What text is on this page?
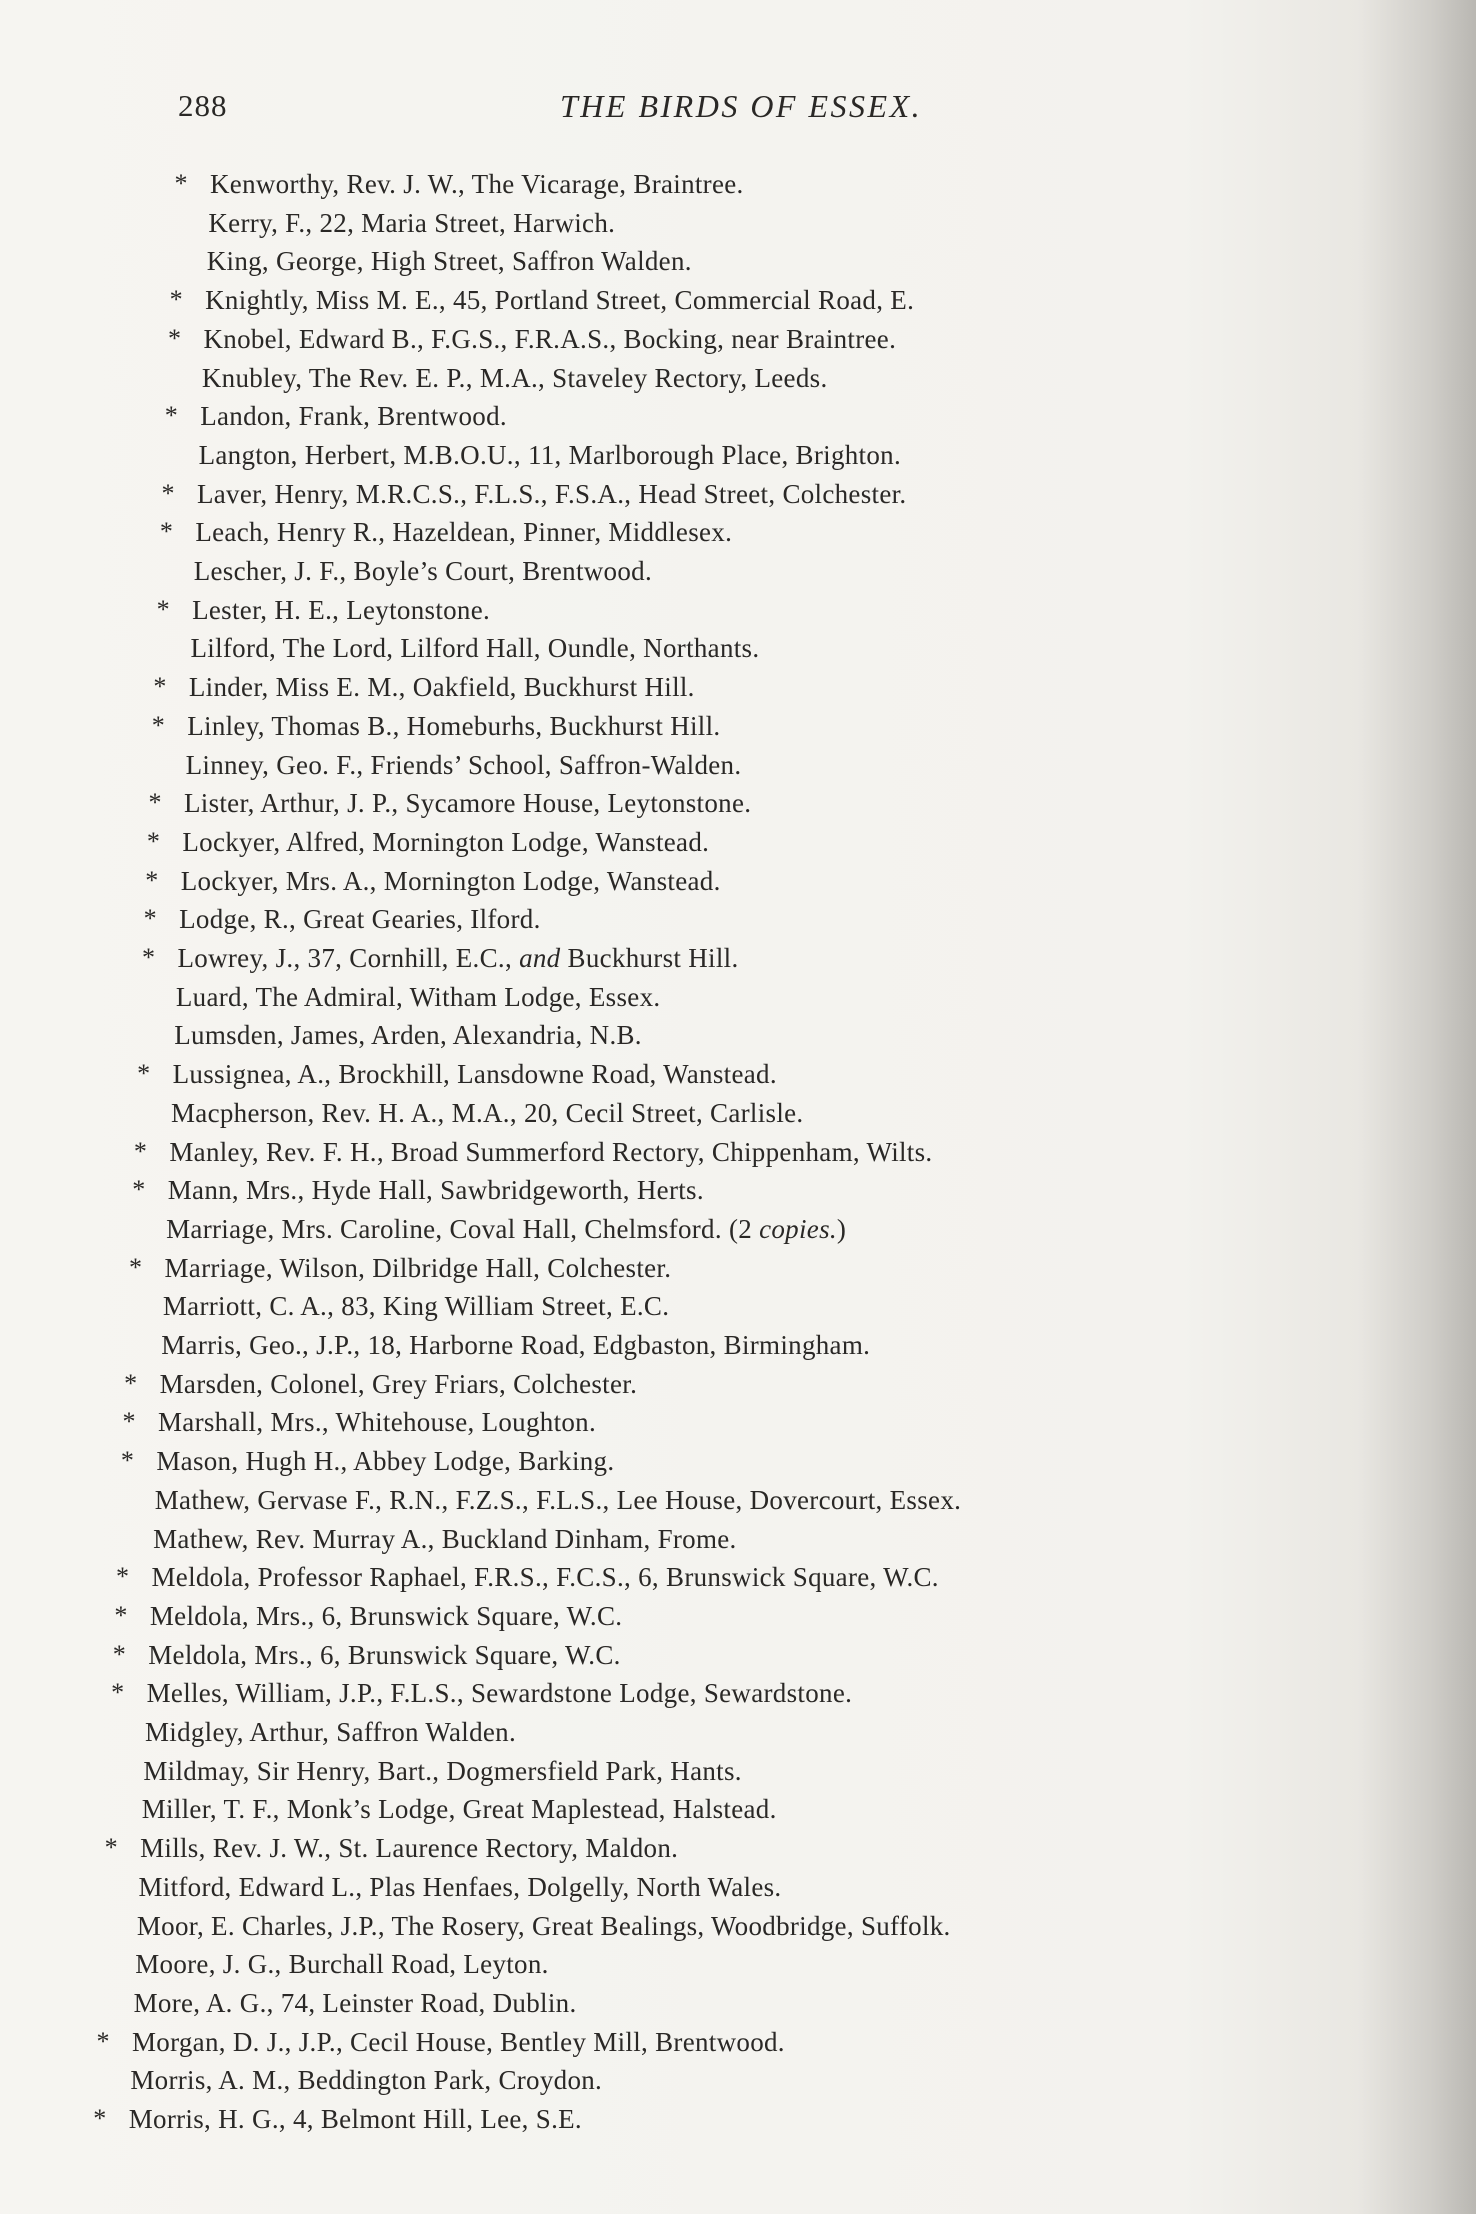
288	THE BIRDS OF ESSEX.
* Kenworthy, Rev. J. W., The Vicarage, Braintree.
Kerry, F., 22, Maria Street, Harwich.
King, George, High Street, Saffron Walden.
* Knightly, Miss M. E., 45, Portland Street, Commercial Road, E.
* Knobel, Edward B., F.G.S., F.R.A.S., Bocking, near Braintree.
Knubley, The Rev. E. P., M.A., Staveley Rectory, Leeds.
* Landon, Frank, Brentwood.
Langton, Herbert, M.B.O.U., 11, Marlborough Place, Brighton.
* Laver, Henry, M.R.C.S., F.L.S., F.S.A., Head Street, Colchester.
* Leach, Henry R., Hazeldean, Pinner, Middlesex.
Lescher, J. F., Boyle’s Court, Brentwood.
* Lester, H. E., Leytonstone.
Lilford, The Lord, Lilford Hall, Oundle, Northants.
* Linder, Miss E. M., Oakfield, Buckhurst Hill.
* Linley, Thomas B., Homeburhs, Buckhurst Hill.
Linney, Geo. F., Friends’ School, Saffron-Walden.
* Lister, Arthur, J. P., Sycamore House, Leytonstone.
* Lockyer, Alfred, Mornington Lodge, Wanstead.
* Lockyer, Mrs. A., Mornington Lodge, Wanstead.
* Lodge, R., Great Gearies, Ilford.
* Lowrey, J., 37, Cornhill, E.C., and Buckhurst Hill.
Luard, The Admiral, Witham Lodge, Essex.
Lumsden, James, Arden, Alexandria, N.B.
* Lussignea, A., Brockhill, Lansdowne Road, Wanstead.
Macpherson, Rev. H. A., M.A., 20, Cecil Street, Carlisle.
* Manley, Rev. F. H., Broad Summerford Rectory, Chippenham, Wilts.
* Mann, Mrs., Hyde Hall, Sawbridgeworth, Herts.
Marriage, Mrs. Caroline, Coval Hall, Chelmsford. (2 copies.)
* Marriage, Wilson, Dilbridge Hall, Colchester.
Marriott, C. A., 83, King William Street, E.C.
Marris, Geo., J.P., 18, Harborne Road, Edgbaston, Birmingham.
* Marsden, Colonel, Grey Friars, Colchester.
* Marshall, Mrs., Whitehouse, Loughton.
* Mason, Hugh H., Abbey Lodge, Barking.
Mathew, Gervase F., R.N., F.Z.S., F.L.S., Lee House, Dovercourt, Essex.
Mathew, Rev. Murray A., Buckland Dinham, Frome.
* Meldola, Professor Raphael, F.R.S., F.C.S., 6, Brunswick Square, W.C.
* Meldola, Mrs., 6, Brunswick Square, W.C.
* Meldola, Mrs., 6, Brunswick Square, W.C.
* Melles, William, J.P., F.L.S., Sewardstone Lodge, Sewardstone.
Midgley, Arthur, Saffron Walden.
Mildmay, Sir Henry, Bart., Dogmersfield Park, Hants.
Miller, T. F., Monk’s Lodge, Great Maplestead, Halstead.
* Mills, Rev. J. W., St. Laurence Rectory, Maldon.
Mitford, Edward L., Plas Henfaes, Dolgelly, North Wales.
Moor, E. Charles, J.P., The Rosery, Great Bealings, Woodbridge, Suffolk.
Moore, J. G., Burchall Road, Leyton.
More, A. G., 74, Leinster Road, Dublin.
* Morgan, D. J., J.P., Cecil House, Bentley Mill, Brentwood.
Morris, A. M., Beddington Park, Croydon.
* Morris, H. G., 4, Belmont Hill, Lee, S.E.
